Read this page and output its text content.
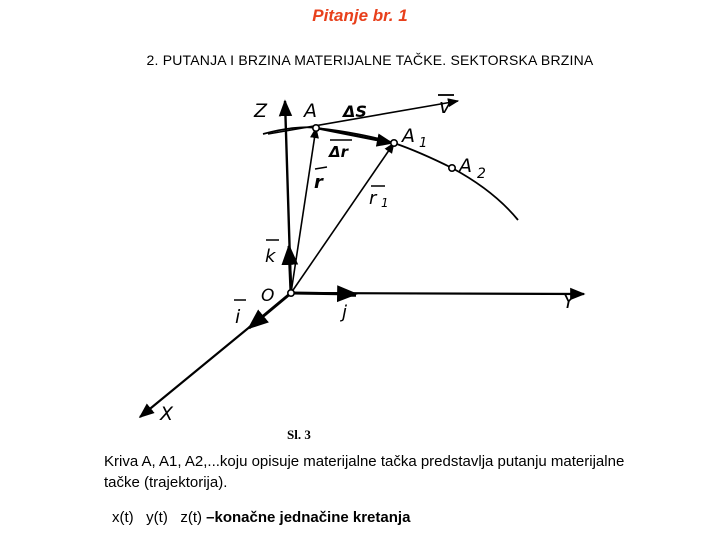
Pitanje br. 1
2. PUTANJA I BRZINA MATERIJALNE TAČKE. SEKTORSKA BRZINA
Z A ΔS	v
A 1
A 2
Δr
r
r 1
k
O
i	j	Y
X
Sl. 3
Kriva A, A1, A2,...koju opisuje materijalne tačka predstavlja putanju materijalne tačke (trajektorija).
x(t)   y(t)   z(t) –konačne jednačine kretanja
